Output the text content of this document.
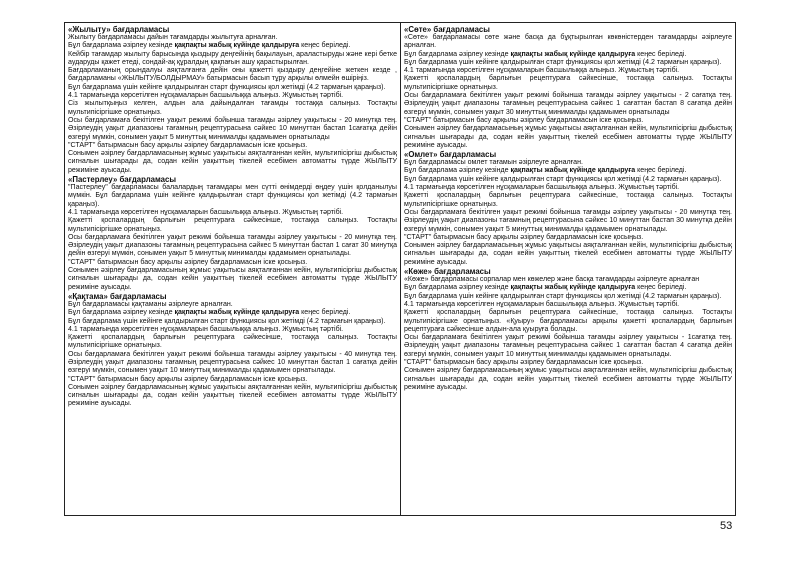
«Жылыту» бағдарламасы

Жылыту бағдарламасы дайын тағамдарды жылытуға арналған.

Бұл бағдарлама әзірлеу кезінде қақпақты жабық күйінде қалдыруға кеңес беріледі.

Кейбір тағамдар жылыту барысында қыздыру деңгейінің бақылауын, араластыруды және кері бетке аударуды қажет етеді, сондай-ақ құралдың қақпағын ашу қарастырылған.

Бағдарламаның орындалуы аяқталғанға дейін оны қажетті қыздыру деңгейіне жеткен кезде , бағдарламаны «ЖЫЛЫТУ/БОЛДЫРМАУ» батырмасын басып тұру арқылы өлмейн өшіріңіз.

Бұл бағдарлама үшін кейінге қалдырылған старт функциясы қол жетімді (4.2 тармағын қараңыз).

4.1 тармағында көрсетілген нұсқамаларын басшылыққа алыңыз. Жұмыстың тәртібі.

Сіз жылытқыңыз келген, алдын ала дайындалған тағамды тостаққа салыңыз. Тостақты мультипісіргішке орнатыңыз.

Осы бағдарламаға бекітілген уақыт режимі бойынша тағамды әзірлеу уақытысы - 20 минутқа тең. Әзірлеудің уақыт диапазоны тағамның рецептурасына сәйкес 10 минуттан бастап 1сағатқа дейін өзгеруі мүмкін, сонымен уақыт 5 минуттық минималды қадамымен орнатылады

"СТАРТ" батырмасын басу арқылы әзірлеу бағдарламасын іске қосыңыз.

Сонымен әзірлеу бағдарламасының жұмыс уақытысы аяқталғаннан кейін, мультипісіргіш дыбыстық сигналын шығарады да, содан кейін уақыттың тікелей есебімен автоматты түрде ЖЫЛЫТУ режиміне ауысады.

«Пастерлеу» бағдарламасы

"Пастерлеу" бағдарламасы балалардың тағамдары мен сүтті өнімдерді өңдеу үшін қолданылуы мүмкін. Бұл бағдарлама үшін кейінге қалдырылған старт функциясы қол жетімді (4.2 тармағын қараңыз).

4.1 тармағында көрсетілген нұсқамаларын басшылыққа алыңыз. Жұмыстың тәртібі.

Қажетті қоспалардың барлығын рецептураға сәйкесінше, тостаққа салыңыз. Тостақты мультипісіргішке орнатыңыз.

Осы бағдарламаға бекітілген уақыт режимі бойынша тағамды әзірлеу уақытысы - 20 минутқа тең. Әзірлеудің уақыт диапазоны тағамның рецептурасына сәйкес 5 минуттан бастап 1 сағат 30 минутқа дейін өзгеруі мүмкін, сонымен уақыт 5 минуттық минималды қадамымен орнатылады.

"СТАРТ" батырмасын басу арқылы әзірлеу бағдарламасын іске қосыңыз.

Сонымен әзірлеу бағдарламасының жұмыс уақытысы аяқталғаннан кейін, мультипісіргіш дыбыстық сигналын шығарады да, содан кейін уақыттың тікелей есебімен автоматты түрде ЖЫЛЫТУ режиміне ауысады.

«Қақтама» бағдарламасы

Бұл бағдарламасы қақтаманы әзірлеуге арналған.

Бұл бағдарлама әзірлеу кезінде қақпақты жабық күйінде қалдыруға кеңес беріледі.

Бұл бағдарлама үшін кейінге қалдырылған старт функциясы қол жетімді (4.2 тармағын қараңыз).

4.1 тармағында көрсетілген нұсқамаларын басшылыққа алыңыз. Жұмыстың тәртібі.

Қажетті қоспалардың барлығын рецептураға сәйкесінше, тостаққа салыңыз. Тостақты мультипісіргішке орнатыңыз.

Осы бағдарламаға бекітілген уақыт режимі бойынша тағамды әзірлеу уақытысы - 40 минутқа тең. Әзірлеудің уақыт диапазоны тағамның рецептурасына сәйкес 10 минуттан бастап 1 сағатқа дейін өзгеруі мүмкін, сонымен уақыт 10 минуттық минималды қадамымен орнатылады.

"СТАРТ" батырмасын басу арқылы әзірлеу бағдарламасын іске қосыңыз.

Сонымен әзірлеу бағдарламасының жұмыс уақытысы аяқталғаннан кейін, мультипісіргіш дыбыстық сигналын шығарады да, содан кейін уақыттың тікелей есебімен автоматты түрде ЖЫЛЫТУ режиміне ауысады.

«Сөте» бағдарламасы

«Сөте» бағдарламасы сөте және басқа да бұқтырылған көкөністерден тағамдарды әзірлеуге арналған.

Бұл бағдарлама әзірлеу кезінде қақпақты жабық күйінде қалдыруға кеңес беріледі.

Бұл бағдарлама үшін кейінге қалдырылған старт функциясы қол жетімді (4.2 тармағын қараңыз).

4.1 тармағында көрсетілген нұсқамаларын басшылыққа алыңыз. Жұмыстың тәртібі.

Қажетті қоспалардың барлығын рецептураға сәйкесінше, тостаққа салыңыз. Тостақты мультипісіргішке орнатыңыз.

Осы бағдарламаға бекітілген уақыт режимі бойынша тағамды әзірлеу уақытысы - 2 сағатқа тең. Әзірлеудің уақыт диапазоны тағамның рецептурасына сәйкес 1 сағаттан бастап 8 сағатқа дейін өзгеруі мүмкін, сонымен уақыт 30 минуттық минималды қадамымен орнатылады

"СТАРТ" батырмасын басу арқылы әзірлеу бағдарламасын іске қосыңыз.

Сонымен әзірлеу бағдарламасының жұмыс уақытысы аяқталғаннан кейін, мультипісіргіш дыбыстық сигналын шығарады да, содан кейін уақыттың тікелей есебімен автоматты түрде ЖЫЛЫТУ режиміне ауысады.

«Омлет» бағдарламасы

Бұл бағдарламасы омлет тағамын әзірлеуге арналған.

Бұл бағдарлама әзірлеу кезінде қақпақты жабық күйінде қалдыруға кеңес беріледі.

Бұл бағдарлама үшін кейінге қалдырылған старт функциясы қол жетімді (4.2 тармағын қараңыз).

4.1 тармағында көрсетілген нұсқамаларын басшылыққа алыңыз. Жұмыстың тәртібі.

Қажетті қоспалардың барлығын рецептураға сәйкесінше, тостаққа салыңыз. Тостақты мультипісіргішке орнатыңыз.

Осы бағдарламаға бекітілген уақыт режимі бойынша тағамды әзірлеу уақытысы - 20 минутқа тең. Әзірлеудің уақыт диапазоны тағамның рецептурасына сәйкес 10 минуттан бастап 30 минутқа дейін өзгеруі мүмкін, сонымен уақыт 5 минуттық минималды қадамымен орнатылады.

"СТАРТ" батырмасын басу арқылы әзірлеу бағдарламасын іске қосыңыз.

Сонымен әзірлеу бағдарламасының жұмыс уақытысы аяқталғаннан кейін, мультипісіргіш дыбыстық сигналын шығарады да, содан кейін уақыттың тікелей есебімен автоматты түрде ЖЫЛЫТУ режиміне ауысады.

«Көже» бағдарламасы

«Көже» бағдарламасы сорпалар мен көжелер және басқа тағамдарды әзірлеуге арналған

Бұл бағдарлама әзірлеу кезінде қақпақты жабық күйінде қалдыруға кеңес беріледі.

Бұл бағдарлама үшін кейінге қалдырылған старт функциясы қол жетімді (4.2 тармағын қараңыз).

4.1 тармағында көрсетілген нұсқамаларын басшылыққа алыңыз. Жұмыстың тәртібі.

Қажетті қоспалардың барлығын рецептураға сәйкесінше, тостаққа салыңыз. Тостақты мультипісіргішке орнатыңыз. «Қуыру» бағдарламасы арқылы қажетті қоспалардың барлығын рецептураға сәйкесінше алдын-ала қуыруға болады.

Осы бағдарламаға бекітілген уақыт режимі бойынша тағамды әзірлеу уақытысы - 1сағатқа тең. Әзірлеудің уақыт диапазоны тағамның рецептурасына сәйкес 1 сағаттан бастап 4 сағатқа дейін өзгеруі мүмкін, сонымен уақыт 10 минуттық минималды қадамымен орнатылады.

"СТАРТ" батырмасын басу арқылы әзірлеу бағдарламасын іске қосыңыз.

Сонымен әзірлеу бағдарламасының жұмыс уақытысы аяқталғаннан кейін, мультипісіргіш дыбыстық сигналын шығарады да, содан кейін уақыттың тікелей есебімен автоматты түрде ЖЫЛЫТУ режиміне ауысады.

53
